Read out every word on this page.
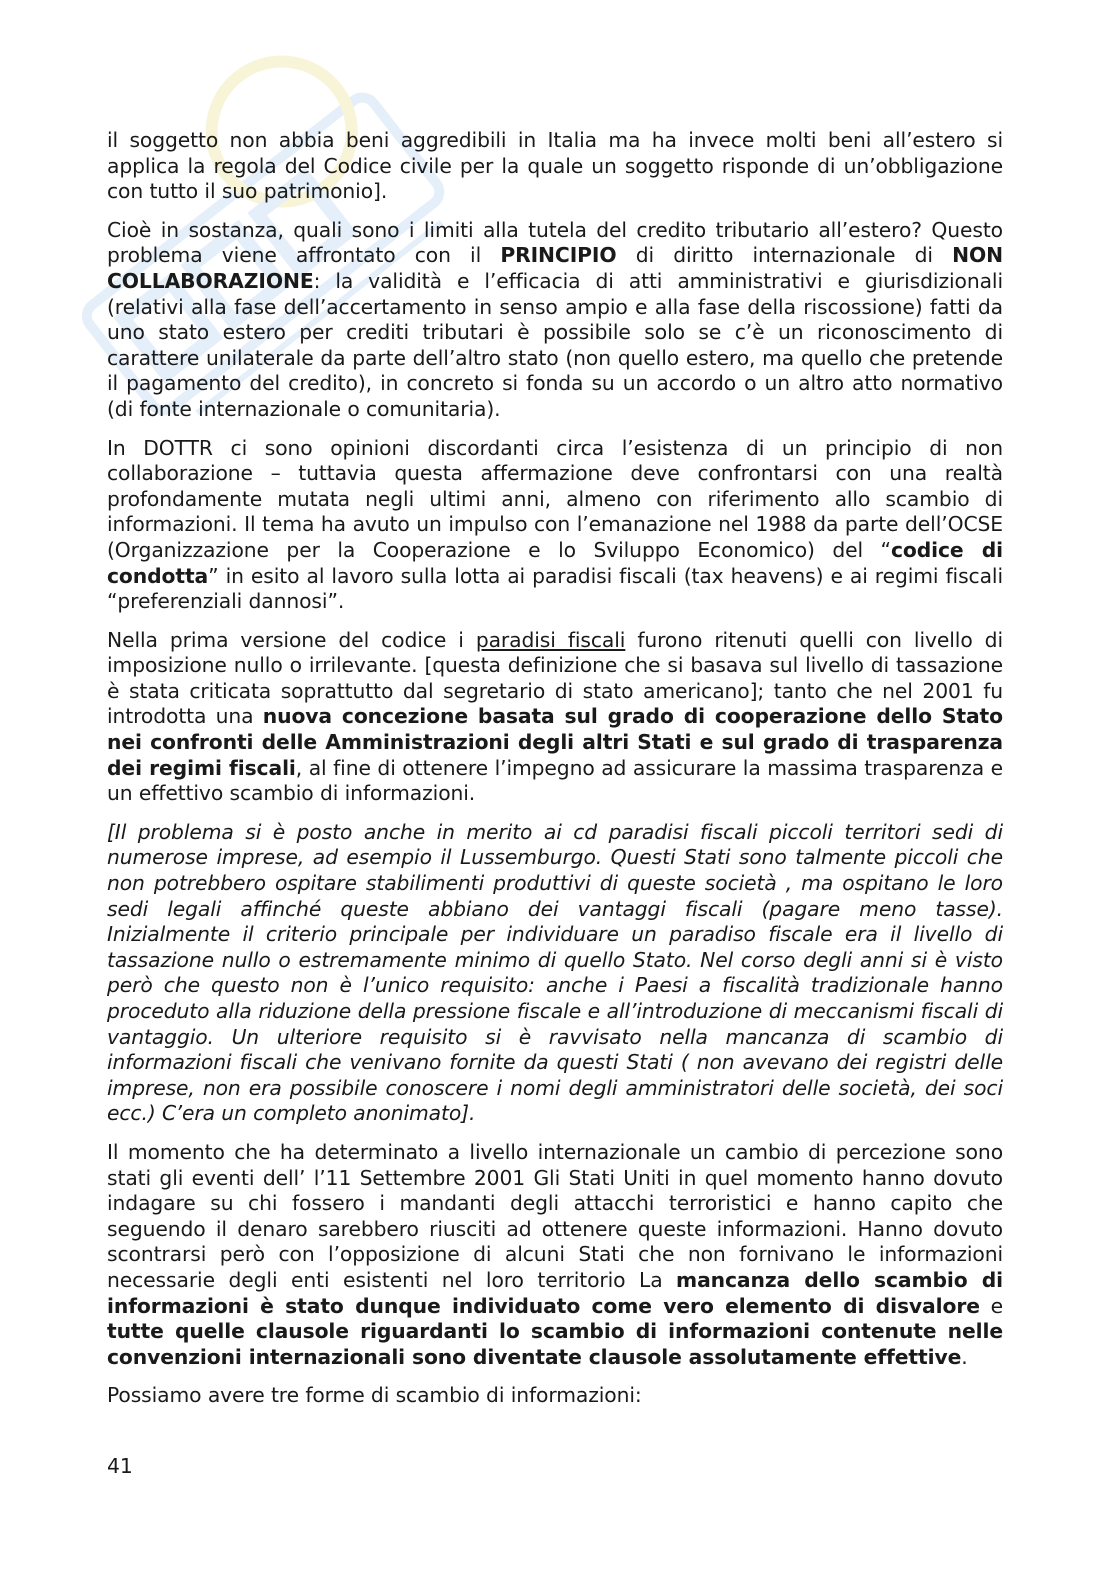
il soggetto non abbia beni aggredibili in Italia ma ha invece molti beni all’estero si applica la regola del Codice civile per la quale un soggetto risponde di un’obbligazione con tutto il suo patrimonio].

Cioè in sostanza, quali sono i limiti alla tutela del credito tributario all’estero? Questo problema viene affrontato con il PRINCIPIO di diritto internazionale di NON COLLABORAZIONE: la validità e l’efficacia di atti amministrativi e giurisdizionali (relativi alla fase dell’accertamento in senso ampio e alla fase della riscossione) fatti da uno stato estero per crediti tributari è possibile solo se c’è un riconoscimento di carattere unilaterale da parte dell’altro stato (non quello estero, ma quello che pretende il pagamento del credito), in concreto si fonda su un accordo o un altro atto normativo (di fonte internazionale o comunitaria).

In DOTTR ci sono opinioni discordanti circa l’esistenza di un principio di non collaborazione – tuttavia questa affermazione deve confrontarsi con una realtà profondamente mutata negli ultimi anni, almeno con riferimento allo scambio di informazioni. Il tema ha avuto un impulso con l’emanazione nel 1988 da parte dell’OCSE (Organizzazione per la Cooperazione e lo Sviluppo Economico) del “codice di condotta” in esito al lavoro sulla lotta ai paradisi fiscali (tax heavens) e ai regimi fiscali “preferenziali dannosi”.

Nella prima versione del codice i paradisi fiscali furono ritenuti quelli con livello di imposizione nullo o irrilevante. [questa definizione che si basava sul livello di tassazione è stata criticata soprattutto dal segretario di stato americano]; tanto che nel 2001 fu introdotta una nuova concezione basata sul grado di cooperazione dello Stato nei confronti delle Amministrazioni degli altri Stati e sul grado di trasparenza dei regimi fiscali, al fine di ottenere l’impegno ad assicurare la massima trasparenza e un effettivo scambio di informazioni.

[Il problema si è posto anche in merito ai cd paradisi fiscali piccoli territori sedi di numerose imprese, ad esempio il Lussemburgo. Questi Stati sono talmente piccoli che non potrebbero ospitare stabilimenti produttivi di queste società , ma ospitano le loro sedi legali affinché queste abbiano dei vantaggi fiscali (pagare meno tasse). Inizialmente il criterio principale per individuare un paradiso fiscale era il livello di tassazione nullo o estremamente minimo di quello Stato. Nel corso degli anni si è visto però che questo non è l’unico requisito: anche i Paesi a fiscalità tradizionale hanno proceduto alla riduzione della pressione fiscale e all’introduzione di meccanismi fiscali di vantaggio. Un ulteriore requisito si è ravvisato nella mancanza di scambio di informazioni fiscali che venivano fornite da questi Stati ( non avevano dei registri delle imprese, non era possibile conoscere i nomi degli amministratori delle società, dei soci ecc.) C’era un completo anonimato].

Il momento che ha determinato a livello internazionale un cambio di percezione sono stati gli eventi dell’ l’11 Settembre 2001 Gli Stati Uniti in quel momento hanno dovuto indagare su chi fossero i mandanti degli attacchi terroristici e hanno capito che seguendo il denaro sarebbero riusciti ad ottenere queste informazioni. Hanno dovuto scontrarsi però con l’opposizione di alcuni Stati che non fornivano le informazioni necessarie degli enti esistenti nel loro territorio La mancanza dello scambio di informazioni è stato dunque individuato come vero elemento di disvalore e tutte quelle clausole riguardanti lo scambio di informazioni contenute nelle convenzioni internazionali sono diventate clausole assolutamente effettive.

Possiamo avere tre forme di scambio di informazioni:

41
